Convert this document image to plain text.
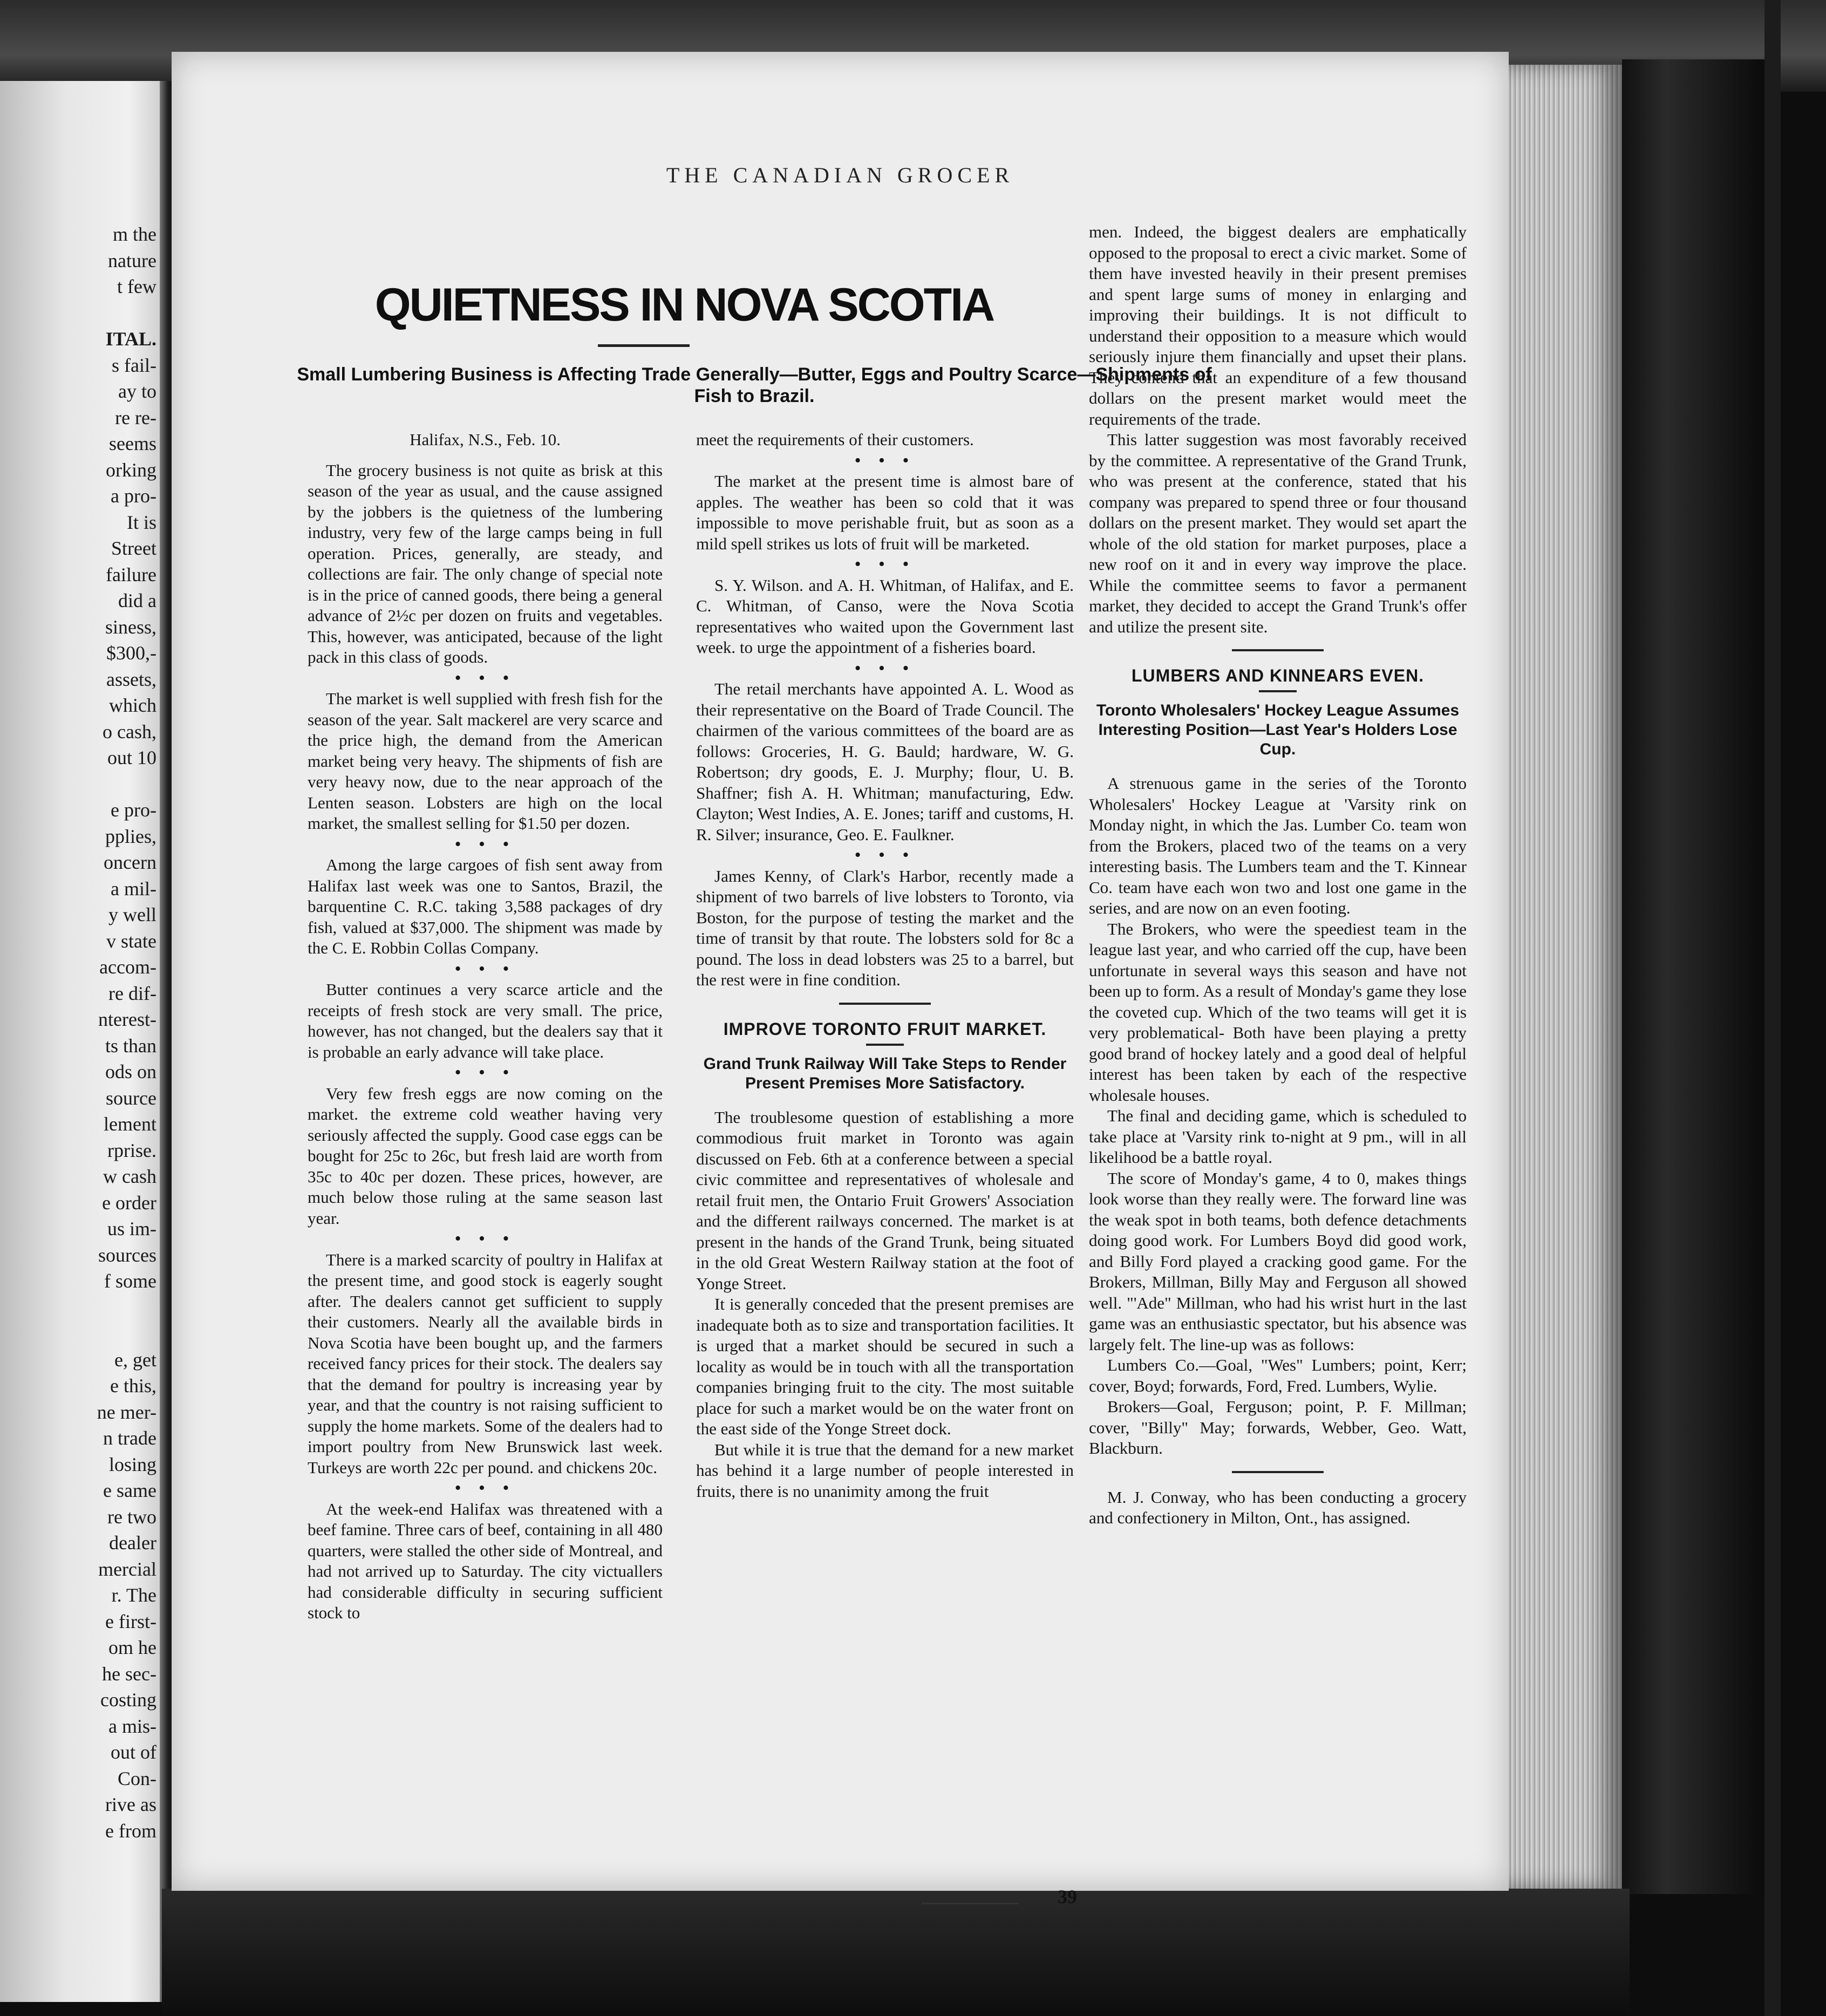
m the
nature
t few

ITAL.
s fail-
ay to
re re-
seems
orking
a pro-
It is
Street
failure
did a
siness,
$300,-
assets,
which
o cash,
out 10

e pro-
pplies,
oncern
a mil-
y well
v state
accom-
re dif-
nterest-
ts than
ods on
source
lement
rprise.
w cash
e order
us im-
sources
f some

e, get
e this,
ne mer-
n trade
losing
e same
re two
dealer
mercial
r. The
e first-
om he
he sec-
costing
a mis-
out of
Con-
rive as
e from
THE CANADIAN GROCER
QUIETNESS IN NOVA SCOTIA
Small Lumbering Business is Affecting Trade Generally—Butter, Eggs and Poultry Scarce—Shipments of Fish to Brazil.

Halifax, N.S., Feb. 10.

The grocery business is not quite as brisk at this season of the year as usual, and the cause assigned by the jobbers is the quietness of the lumbering industry, very few of the large camps being in full operation. Prices, generally, are steady, and collections are fair. The only change of special note is in the price of canned goods, there being a general advance of 2½c per dozen on fruits and vegetables. This, however, was anticipated, because of the light pack in this class of goods.

• • •

The market is well supplied with fresh fish for the season of the year. Salt mackerel are very scarce and the price high, the demand from the American market being very heavy. The shipments of fish are very heavy now, due to the near approach of the Lenten season. Lobsters are high on the local market, the smallest selling for $1.50 per dozen.

• • •

Among the large cargoes of fish sent away from Halifax last week was one to Santos, Brazil, the barquentine C. R.C. taking 3,588 packages of dry fish, valued at $37,000. The shipment was made by the C. E. Robbin Collas Company.

• • •

Butter continues a very scarce article and the receipts of fresh stock are very small. The price, however, has not changed, but the dealers say that it is probable an early advance will take place.

• • •

Very few fresh eggs are now coming on the market. the extreme cold weather having very seriously affected the supply. Good case eggs can be bought for 25c to 26c, but fresh laid are worth from 35c to 40c per dozen. These prices, however, are much below those ruling at the same season last year.

• • •

There is a marked scarcity of poultry in Halifax at the present time, and good stock is eagerly sought after. The dealers cannot get sufficient to supply their customers. Nearly all the available birds in Nova Scotia have been bought up, and the farmers received fancy prices for their stock. The dealers say that the demand for poultry is increasing year by year, and that the country is not raising sufficient to supply the home markets. Some of the dealers had to import poultry from New Brunswick last week. Turkeys are worth 22c per pound. and chickens 20c.

• • •

At the week-end Halifax was threatened with a beef famine. Three cars of beef, containing in all 480 quarters, were stalled the other side of Montreal, and had not arrived up to Saturday. The city victuallers had considerable difficulty in securing sufficient stock to

meet the requirements of their customers.

• • •

The market at the present time is almost bare of apples. The weather has been so cold that it was impossible to move perishable fruit, but as soon as a mild spell strikes us lots of fruit will be marketed.

• • •

S. Y. Wilson. and A. H. Whitman, of Halifax, and E. C. Whitman, of Canso, were the Nova Scotia representatives who waited upon the Government last week. to urge the appointment of a fisheries board.

• • •

The retail merchants have appointed A. L. Wood as their representative on the Board of Trade Council. The chairmen of the various committees of the board are as follows: Groceries, H. G. Bauld; hardware, W. G. Robertson; dry goods, E. J. Murphy; flour, U. B. Shaffner; fish A. H. Whitman; manufacturing, Edw. Clayton; West Indies, A. E. Jones; tariff and customs, H. R. Silver; insurance, Geo. E. Faulkner.

• • •

James Kenny, of Clark's Harbor, recently made a shipment of two barrels of live lobsters to Toronto, via Boston, for the purpose of testing the market and the time of transit by that route. The lobsters sold for 8c a pound. The loss in dead lobsters was 25 to a barrel, but the rest were in fine condition.

IMPROVE TORONTO FRUIT MARKET.

Grand Trunk Railway Will Take Steps to Render Present Premises More Satisfactory.

The troublesome question of establishing a more commodious fruit market in Toronto was again discussed on Feb. 6th at a conference between a special civic committee and representatives of wholesale and retail fruit men, the Ontario Fruit Growers' Association and the different railways concerned. The market is at present in the hands of the Grand Trunk, being situated in the old Great Western Railway station at the foot of Yonge Street.

It is generally conceded that the present premises are inadequate both as to size and transportation facilities. It is urged that a market should be secured in such a locality as would be in touch with all the transportation companies bringing fruit to the city. The most suitable place for such a market would be on the water front on the east side of the Yonge Street dock.

But while it is true that the demand for a new market has behind it a large number of people interested in fruits, there is no unanimity among the fruit

men. Indeed, the biggest dealers are emphatically opposed to the proposal to erect a civic market. Some of them have invested heavily in their present premises and spent large sums of money in enlarging and improving their buildings. It is not difficult to understand their opposition to a measure which would seriously injure them financially and upset their plans. They contend that an expenditure of a few thousand dollars on the present market would meet the requirements of the trade.

This latter suggestion was most favorably received by the committee. A representative of the Grand Trunk, who was present at the conference, stated that his company was prepared to spend three or four thousand dollars on the present market. They would set apart the whole of the old station for market purposes, place a new roof on it and in every way improve the place. While the committee seems to favor a permanent market, they decided to accept the Grand Trunk's offer and utilize the present site.

LUMBERS AND KINNEARS EVEN.

Toronto Wholesalers' Hockey League Assumes Interesting Position—Last Year's Holders Lose Cup.

A strenuous game in the series of the Toronto Wholesalers' Hockey League at 'Varsity rink on Monday night, in which the Jas. Lumber Co. team won from the Brokers, placed two of the teams on a very interesting basis. The Lumbers team and the T. Kinnear Co. team have each won two and lost one game in the series, and are now on an even footing.

The Brokers, who were the speediest team in the league last year, and who carried off the cup, have been unfortunate in several ways this season and have not been up to form. As a result of Monday's game they lose the coveted cup. Which of the two teams will get it is very problematical- Both have been playing a pretty good brand of hockey lately and a good deal of helpful interest has been taken by each of the respective wholesale houses.

The final and deciding game, which is scheduled to take place at 'Varsity rink to-night at 9 pm., will in all likelihood be a battle royal.

The score of Monday's game, 4 to 0, makes things look worse than they really were. The forward line was the weak spot in both teams, both defence detachments doing good work. For Lumbers Boyd did good work, and Billy Ford played a cracking good game. For the Brokers, Millman, Billy May and Ferguson all showed well. "'Ade" Millman, who had his wrist hurt in the last game was an enthusiastic spectator, but his absence was largely felt. The line-up was as follows:

Lumbers Co.—Goal, "Wes" Lumbers; point, Kerr; cover, Boyd; forwards, Ford, Fred. Lumbers, Wylie.

Brokers—Goal, Ferguson; point, P. F. Millman; cover, "Billy" May; forwards, Webber, Geo. Watt, Blackburn.

M. J. Conway, who has been conducting a grocery and confectionery in Milton, Ont., has assigned.

39
